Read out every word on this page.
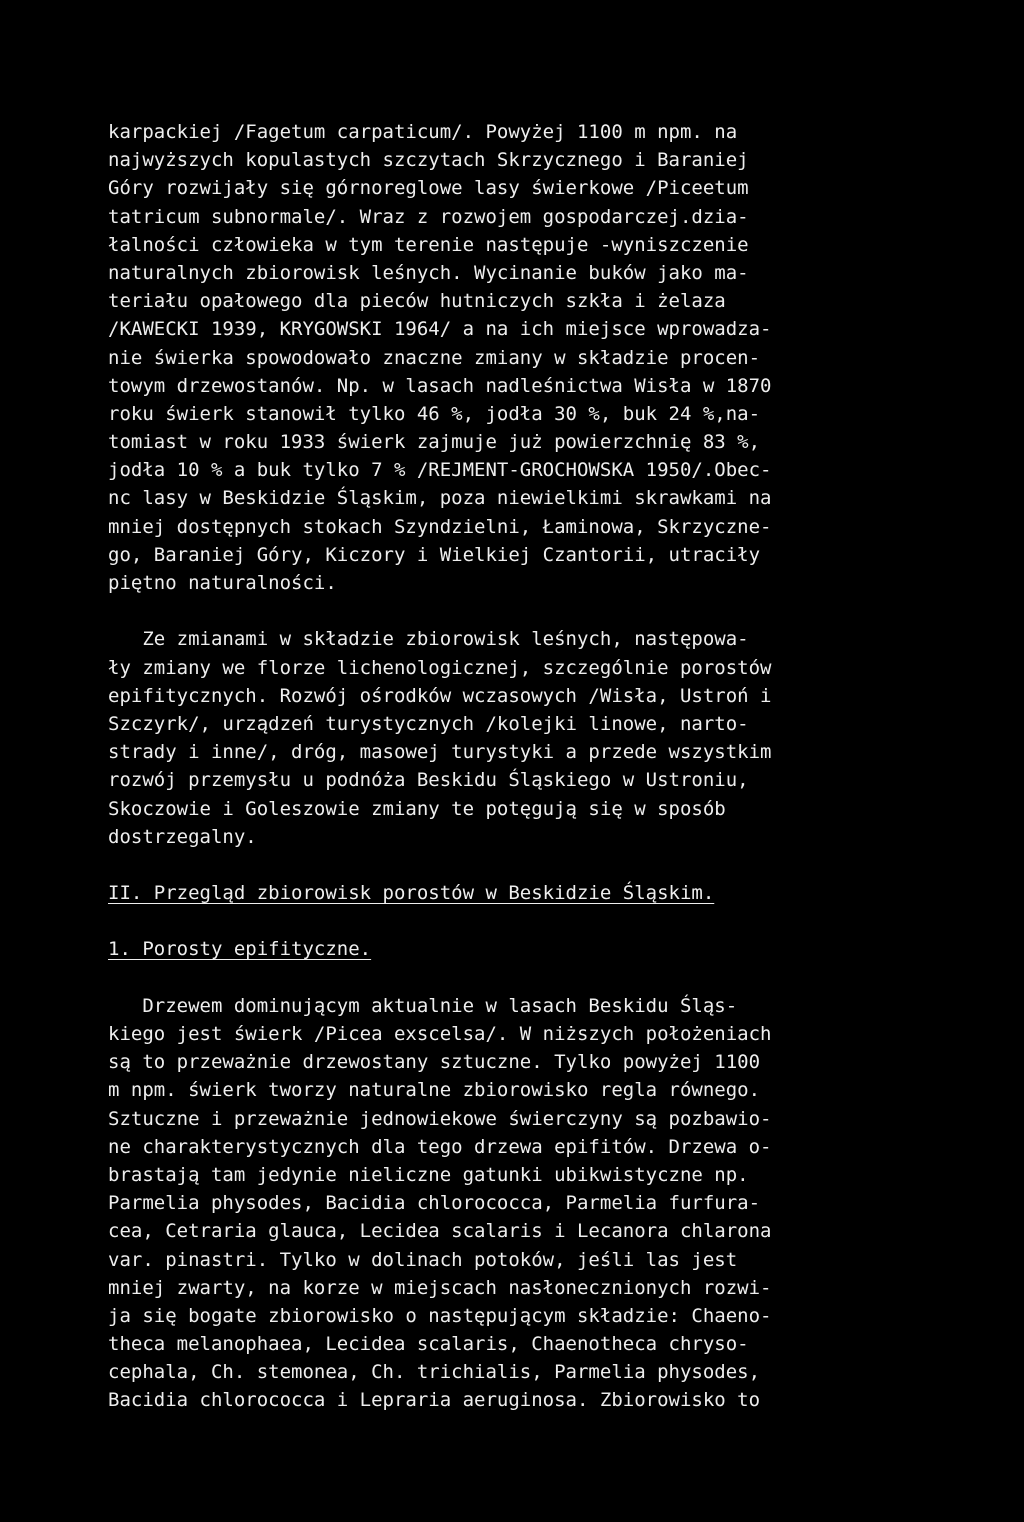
karpackiej /Fagetum carpaticum/. Powyżej 1100 m npm. na
najwyższych kopulastych szczytach Skrzycznego i Baraniej
Góry rozwijały się górnoreglowe lasy świerkowe /Piceetum
tatricum subnormale/. Wraz z rozwojem gospodarczej.dzia-
łalności człowieka w tym terenie następuje -wyniszczenie
naturalnych zbiorowisk leśnych. Wycinanie buków jako ma-
teriału opałowego dla pieców hutniczych szkła i żelaza
/KAWECKI 1939, KRYGOWSKI 1964/ a na ich miejsce wprowadza-
nie świerka spowodowało znaczne zmiany w składzie procen-
towym drzewostanów. Np. w lasach nadleśnictwa Wisła w 1870
roku świerk stanowił tylko 46 %, jodła 30 %, buk 24 %,na-
tomiast w roku 1933 świerk zajmuje już powierzchnię 83 %,
jodła 10 % a buk tylko 7 % /REJMENT-GROCHOWSKA 1950/.Obec-
nc lasy w Beskidzie Śląskim, poza niewielkimi skrawkami na
mniej dostępnych stokach Szyndzielni, Łaminowa, Skrzyczne-
go, Baraniej Góry, Kiczory i Wielkiej Czantorii, utraciły
piętno naturalności.
Ze zmianami w składzie zbiorowisk leśnych, następowa-
ły zmiany we florze lichenologicznej, szczególnie porostów
epifitycznych. Rozwój ośrodków wczasowych /Wisła, Ustroń i
Szczyrk/, urządzeń turystycznych /kolejki linowe, narto-
strady i inne/, dróg, masowej turystyki a przede wszystkim
rozwój przemysłu u podnóża Beskidu Śląskiego w Ustroniu,
Skoczowie i Goleszowie zmiany te potęgują się w sposób
dostrzegalny.
II. Przegląd zbiorowisk porostów w Beskidzie Śląskim.
1. Porosty epifityczne.
Drzewem dominującym aktualnie w lasach Beskidu Śląs-
kiego jest świerk /Picea exscelsa/. W niższych położeniach
są to przeważnie drzewostany sztuczne. Tylko powyżej 1100
m npm. świerk tworzy naturalne zbiorowisko regla równego.
Sztuczne i przeważnie jednowiekowe świerczyny są pozbawio-
ne charakterystycznych dla tego drzewa epifitów. Drzewa o-
brastają tam jedynie nieliczne gatunki ubikwistyczne np.
Parmelia physodes, Bacidia chlorococca, Parmelia furfura-
cea, Cetraria glauca, Lecidea scalaris i Lecanora chlarona
var. pinastri. Tylko w dolinach potoków, jeśli las jest
mniej zwarty, na korze w miejscach nasłonecznionych rozwi-
ja się bogate zbiorowisko o następującym składzie: Chaeno-
theca melanophaea, Lecidea scalaris, Chaenotheca chryso-
cephala, Ch. stemonea, Ch. trichialis, Parmelia physodes,
Bacidia chlorococca i Lepraria aeruginosa. Zbiorowisko to
